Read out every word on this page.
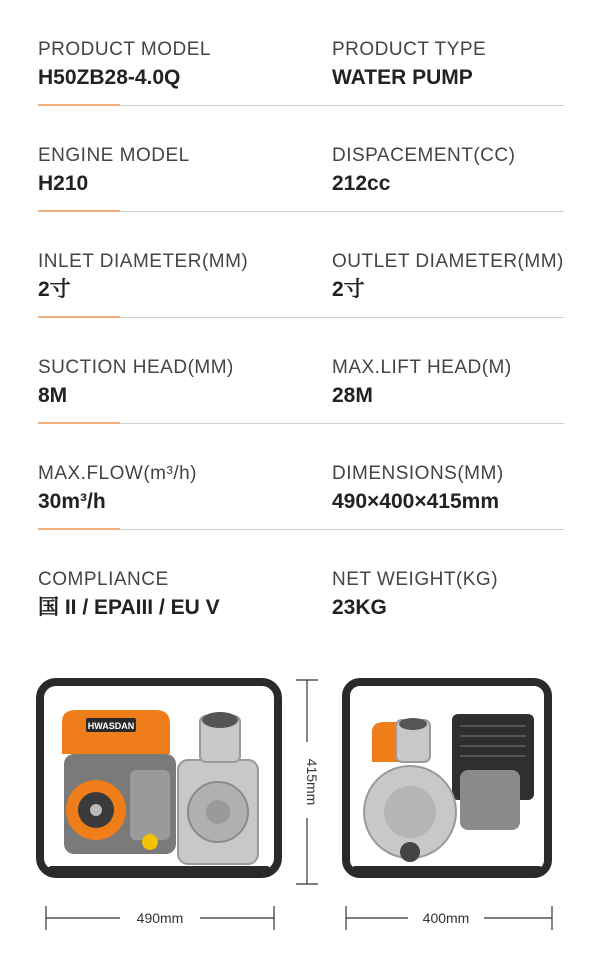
PRODUCT MODEL
H50ZB28-4.0Q
PRODUCT TYPE
WATER PUMP
ENGINE MODEL
H210
DISPACEMENT(CC)
212cc
INLET DIAMETER(MM)
2寸
OUTLET DIAMETER(MM)
2寸
SUCTION HEAD(MM)
8M
MAX.LIFT HEAD(M)
28M
MAX.FLOW(m³/h)
30m³/h
DIMENSIONS(MM)
490×400×415mm
COMPLIANCE
国 II / EPAIII / EU V
NET WEIGHT(KG)
23KG
HWASDAN
415mm
490mm	400mm
